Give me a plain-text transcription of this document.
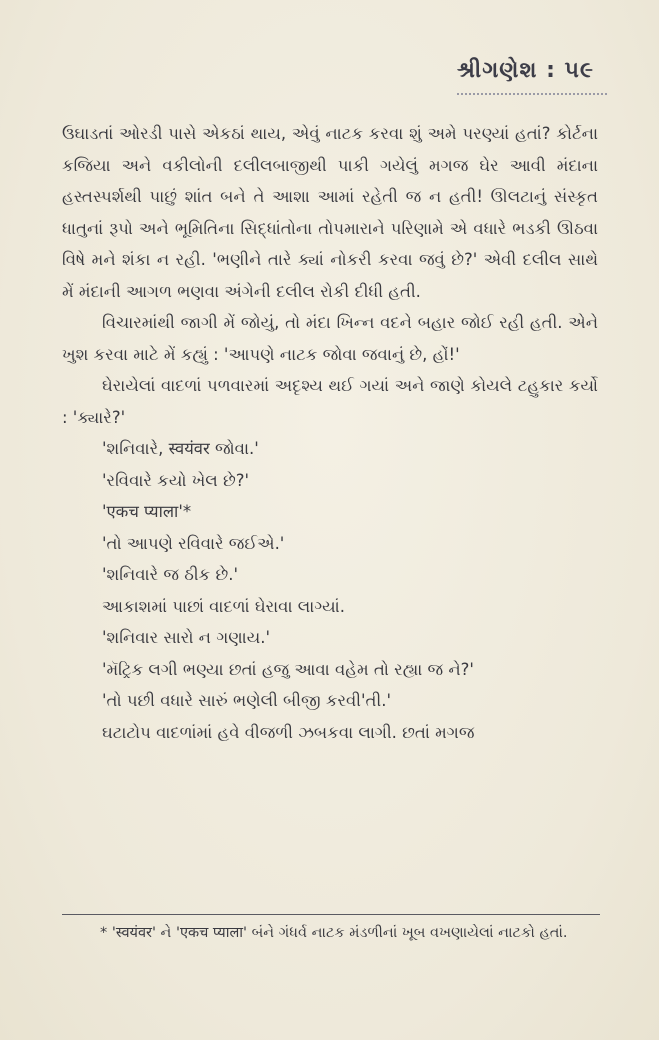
શ્રીગણેશ : ૫૯

ઉઘાડતાં ઓરડી પાસે એકઠાં થાય, એવું નાટક કરવા શું અમે પરણ્યાં હતાં? કોર્ટના કજિયા અને વકીલોની દલીલબાજીથી પાકી ગયેલું મગજ ઘેર આવી મંદાના હસ્તસ્પર્શથી પાછું શાંત બને તે આશા આમાં રહેતી જ ન હતી! ઊલટાનું સંસ્કૃત ધાતુનાં રૂપો અને ભૂમિતિના સિદ્ધાંતોના તોપમારાને પરિણામે એ વધારે ભડકી ઊઠવા વિષે મને શંકા ન રહી. 'ભણીને તારે ક્યાં નોકરી કરવા જવું છે?' એવી દલીલ સાથે મેં મંદાની આગળ ભણવા અંગેની દલીલ રોકી દીધી હતી.

વિચારમાંથી જાગી મેં જોયું, તો મંદા ખિન્ન વદને બહાર જોઈ રહી હતી. એને ખુશ કરવા માટે મેં કહ્યું : 'આપણે નાટક જોવા જવાનું છે, હોં!'

ઘેરાયેલાં વાદળાં પળવારમાં અદૃશ્ય થઈ ગયાં અને જાણે કોયલે ટહુકાર કર્યો : 'ક્યારે?'

'શનિવારે, स्वयंवर જોવા.'
'રવિવારે કયો ખેલ છે?'
'एकच प्याला'*
'તો આપણે રવિવારે જઈએ.'
'શનિવારે જ ઠીક છે.'
આકાશમાં પાછાં વાદળાં ઘેરાવા લાગ્યાં.
'શનિવાર સારો ન ગણાય.'
'મૅટ્રિક લગી ભણ્યા છતાં હજુ આવા વહેમ તો રહ્યા જ ને?'
'તો પછી વધારે સારું ભણેલી બીજી કરવી'તી.'
ઘટાટોપ વાદળાંમાં હવે વીજળી ઝબકવા લાગી. છતાં મગજ
* 'स्वयंवर' ને 'एकच प्याला' બંને ગંધર્વ નાટક મંડળીનાં ખૂબ વખણાયેલાં નાટકો હતાં.
